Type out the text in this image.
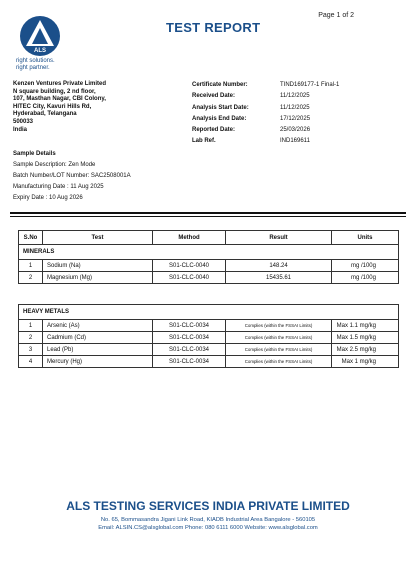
Page 1 of 2
TEST REPORT
ALS
right solutions.
right partner.
Kenzen Ventures Private Limited
N square building, 2 nd floor,
107, Masthan Nagar, CBI Colony,
HITEC City, Kavuri Hills Rd,
Hyderabad, Telangana
500033
India
Certificate Number:	TIND169177-1 Final-1
Received Date:	11/12/2025
Analysis Start Date:	11/12/2025
Analysis End Date:	17/12/2025
Reported Date:	25/03/2026
Lab Ref.	IND169611
Sample Details
Sample Description: Zen Mode
Batch Number/LOT Number: SAC2508001A
Manufacturing Date : 11 Aug 2025
Expiry Date : 10 Aug 2026
S.No	Test	Method	Result	Units
MINERALS				
1	Sodium (Na)	S01-CLC-0040	148.24	mg /100g
2	Magnesium (Mg)	S01-CLC-0040	15435.61	mg /100g
HEAVY METALS				
1	Arsenic (As)	S01-CLC-0034	Complies (within the FSSAI Limits)	Max 1.1 mg/kg
2	Cadmium (Cd)	S01-CLC-0034	Complies (within the FSSAI Limits)	Max 1.5 mg/kg
3	Lead (Pb)	S01-CLC-0034	Complies (within the FSSAI Limits)	Max 2.5 mg/kg
4	Mercury (Hg)	S01-CLC-0034	Complies (within the FSSAI Limits)	Max 1 mg/kg
ALS TESTING SERVICES INDIA PRIVATE LIMITED
No. 65, Bommasandra Jigani Link Road, KIADB Industrial Area Bangalore - 560105
Email: ALSIN.CS@alsglobal.com Phone: 080 6111 6000 Website: www.alsglobal.com
